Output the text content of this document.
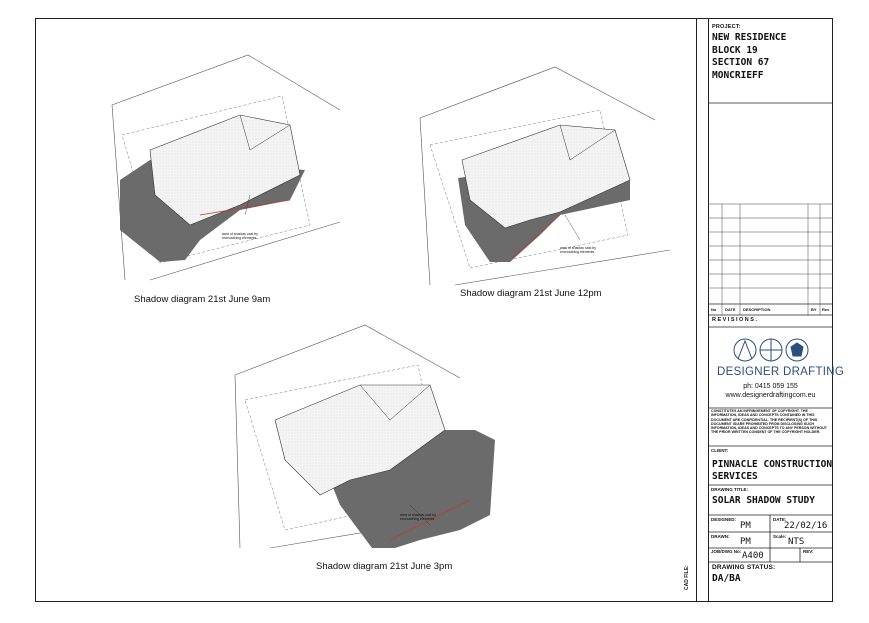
Shadow diagram 21st June 9am
Shadow diagram 21st June 12pm
Shadow diagram 21st June 3pm
area of shadow cast by encroaching elements
area of shadow cast by encroaching elements
area of shadow cast by encroaching elements
PROJECT:
NEW RESIDENCE
BLOCK 19
SECTION 67
MONCRIEFF
No DATE DESCRIPTION	BY Rev
REVISIONS.
DESIGNER DRAFTING
ph: 0415 059 155
www.designerdraftingcom.eu
CONSTITUTES AN INFRINGEMENT OF COPYRIGHT. THE INFORMATION, IDEAS AND CONCEPTS CONTAINED IN THIS DOCUMENT ARE CONFIDENTIAL. THE RECIPIENT(S) OF THIS DOCUMENT IS/ARE PROHIBITED FROM DISCLOSING SUCH INFORMATION, IDEAS AND CONCEPTS TO ANY PERSON WITHOUT THE PRIOR WRITTEN CONSENT OF THE COPYRIGHT HOLDER.
CLIENT:
PINNACLE CONSTRUCTION
SERVICES
DRAWING TITLE:
SOLAR SHADOW STUDY
DESIGNED:
PM
DATE:
22/02/16
DRAWN:
PM
Scale:
NTS
JOB/DWG No: A400	REV:
DRAWING STATUS:
DA/BA
CAD FILE:
